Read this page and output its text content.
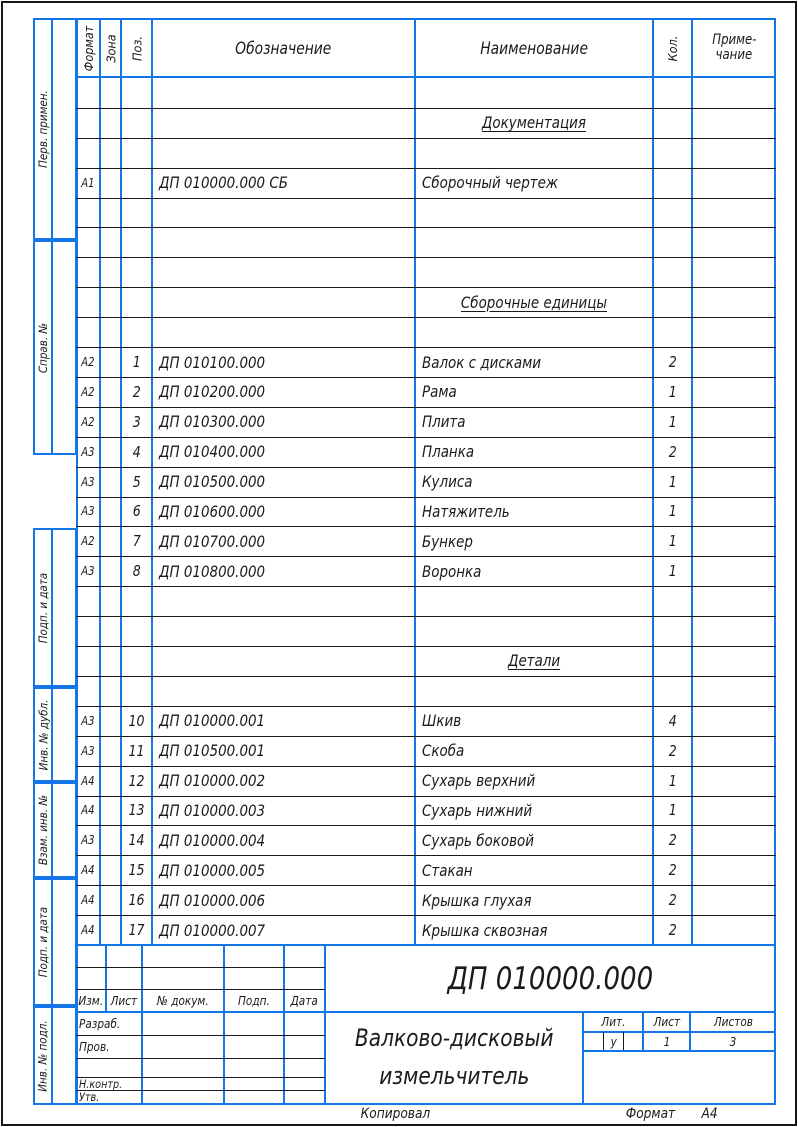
Перв. примен.
Справ. №
Подп. и дата
Инв. № дубл.
Взам. инв. №
Подп. и дата
Инв. № подл.
Формат Зона Поз.	Обозначение	Наименование	Кол. Приме-
чание
Документация
А1	ДП 010000.000 СБ	Сборочный чертеж
Сборочные единицы
А2	1 ДП 010100.000	Валок с дисками	2
А2	2 ДП 010200.000	Рама	1
А2	3 ДП 010300.000	Плита	1
А3	4 ДП 010400.000	Планка	2
А3	5 ДП 010500.000	Кулиса	1
А3	6 ДП 010600.000	Натяжитель	1
А2	7 ДП 010700.000	Бункер	1
А3	8 ДП 010800.000	Воронка	1
Детали
А3 10 ДП 010000.001	Шкив	4
А3 11 ДП 010500.001	Скоба	2
А4 12 ДП 010000.002	Сухарь верхний	1
А4 13 ДП 010000.003	Сухарь нижний	1
А3 14 ДП 010000.004	Сухарь боковой	2
А4 15 ДП 010000.005	Стакан	2
А4 16 ДП 010000.006	Крышка глухая	2
А4 17 ДП 010000.007	Крышка сквозная	2
Изм. Лист № докум. Подп. Дата
Разраб.
Пров.
Н.контр.
Утв.
ДП 010000.000
Валково-дисковый
измельчитель
Лит. Лист	Листов
у	1	3
Копировал	Формат А4
